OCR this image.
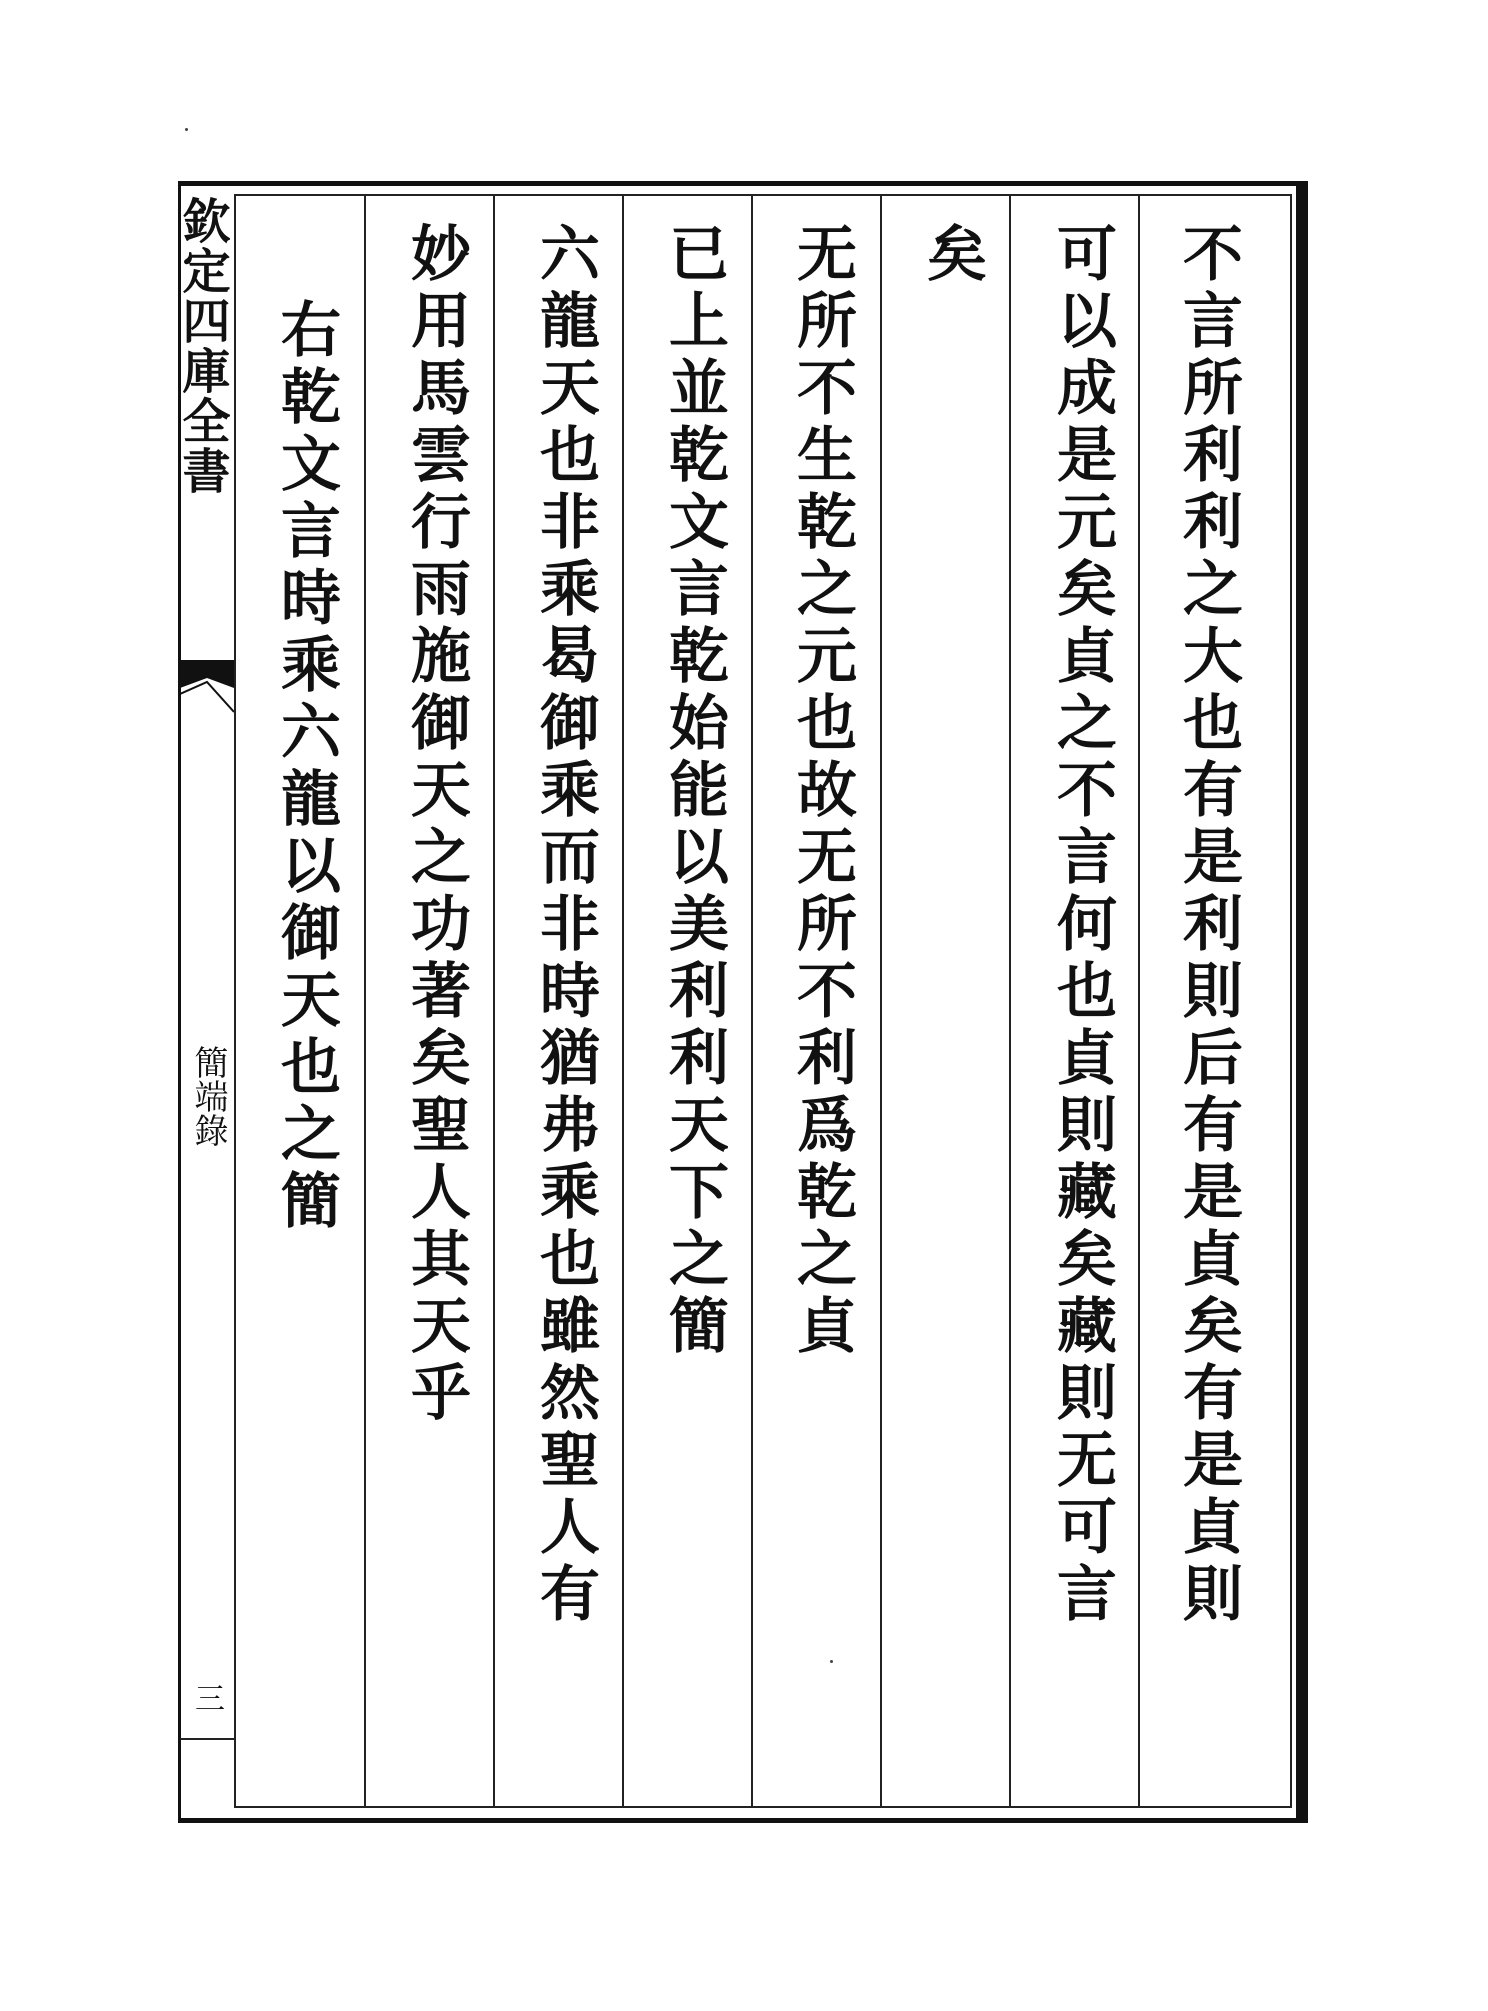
欽定四庫全書
簡端錄
三
不言所利利之大也有是利則后有是貞矣有是貞則
可以成是元矣貞之不言何也貞則藏矣藏則无可言
矣
无所不生乾之元也故无所不利爲乾之貞
已上並乾文言乾始能以美利利天下之簡
六龍天也非乘曷御乘而非時猶弗乘也雖然聖人有
妙用馬雲行雨施御天之功著矣聖人其天乎
右乾文言時乘六龍以御天也之簡
